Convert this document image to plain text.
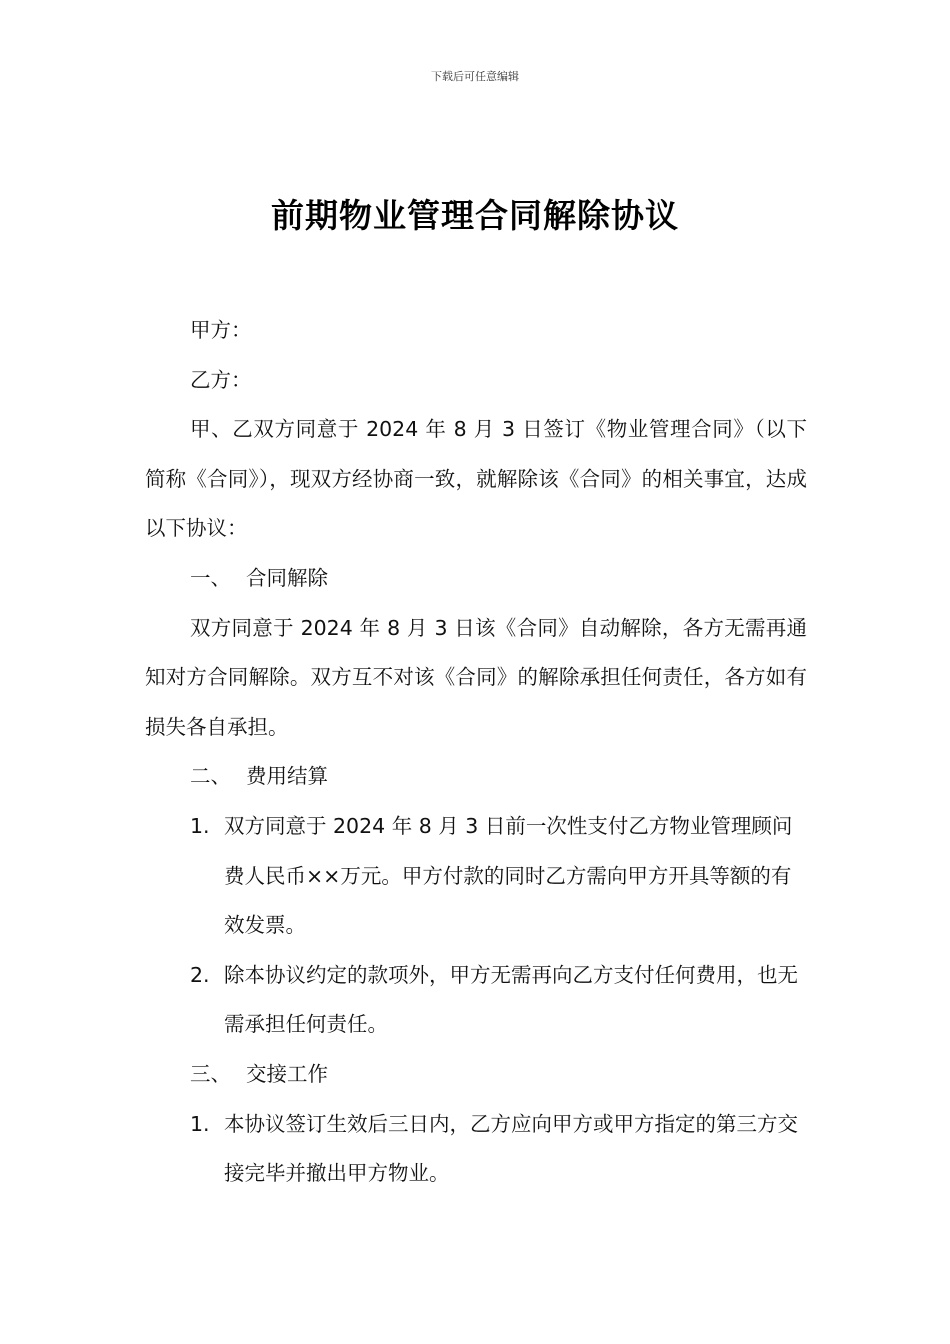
下载后可任意编辑
前期物业管理合同解除协议

甲方：

乙方：

甲、乙双方同意于 2024 年 8 月 3 日签订《物业管理合同》（以下简称《合同》），现双方经协商一致，就解除该《合同》的相关事宜，达成以下协议：

一、 合同解除

双方同意于 2024 年 8 月 3 日该《合同》自动解除，各方无需再通知对方合同解除。双方互不对该《合同》的解除承担任何责任，各方如有损失各自承担。

二、 费用结算

1. 双方同意于 2024 年 8 月 3 日前一次性支付乙方物业管理顾问费人民币××万元。甲方付款的同时乙方需向甲方开具等额的有效发票。

2. 除本协议约定的款项外，甲方无需再向乙方支付任何费用，也无需承担任何责任。

三、 交接工作

1. 本协议签订生效后三日内，乙方应向甲方或甲方指定的第三方交接完毕并撤出甲方物业。
